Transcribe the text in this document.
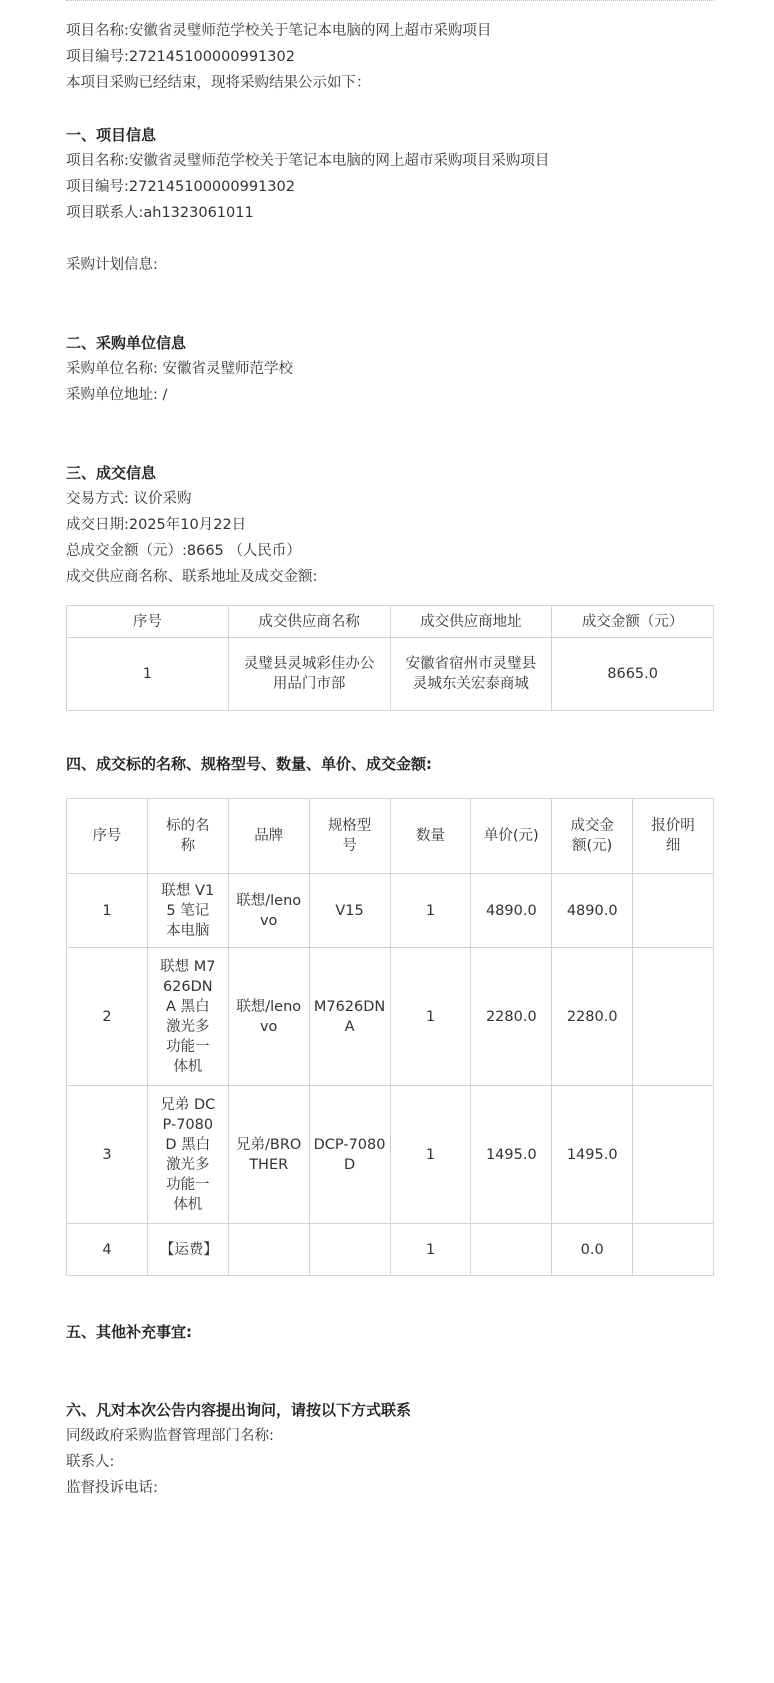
项目名称:安徽省灵璧师范学校关于笔记本电脑的网上超市采购项目
项目编号:272145100000991302
本项目采购已经结束，现将采购结果公示如下：
一、项目信息
项目名称:安徽省灵璧师范学校关于笔记本电脑的网上超市采购项目采购项目
项目编号:272145100000991302
项目联系人:ah1323061011
采购计划信息:
二、采购单位信息
采购单位名称: 安徽省灵璧师范学校
采购单位地址: /
三、成交信息
交易方式: 议价采购
成交日期:2025年10月22日
总成交金额（元）:8665 （人民币）
成交供应商名称、联系地址及成交金额:
序号	成交供应商名称	成交供应商地址	成交金额（元）
1	灵璧县灵城彩佳办公用品门市部	安徽省宿州市灵璧县灵城东关宏泰商城	8665.0
四、成交标的名称、规格型号、数量、单价、成交金额:
序号	标的名称	品牌	规格型号	数量	单价(元)	成交金额(元)	报价明细
1	联想 V15 笔记本电脑	联想/lenovo	V15	1	4890.0	4890.0	
2	联想 M7626DNA 黑白激光多功能一体机	联想/lenovo	M7626DNA	1	2280.0	2280.0	
3	兄弟 DCP-7080D 黑白激光多功能一体机	兄弟/BROTHER	DCP-7080D	1	1495.0	1495.0	
4	【运费】			1		0.0	
五、其他补充事宜:
六、凡对本次公告内容提出询问，请按以下方式联系
同级政府采购监督管理部门名称:
联系人:
监督投诉电话:
